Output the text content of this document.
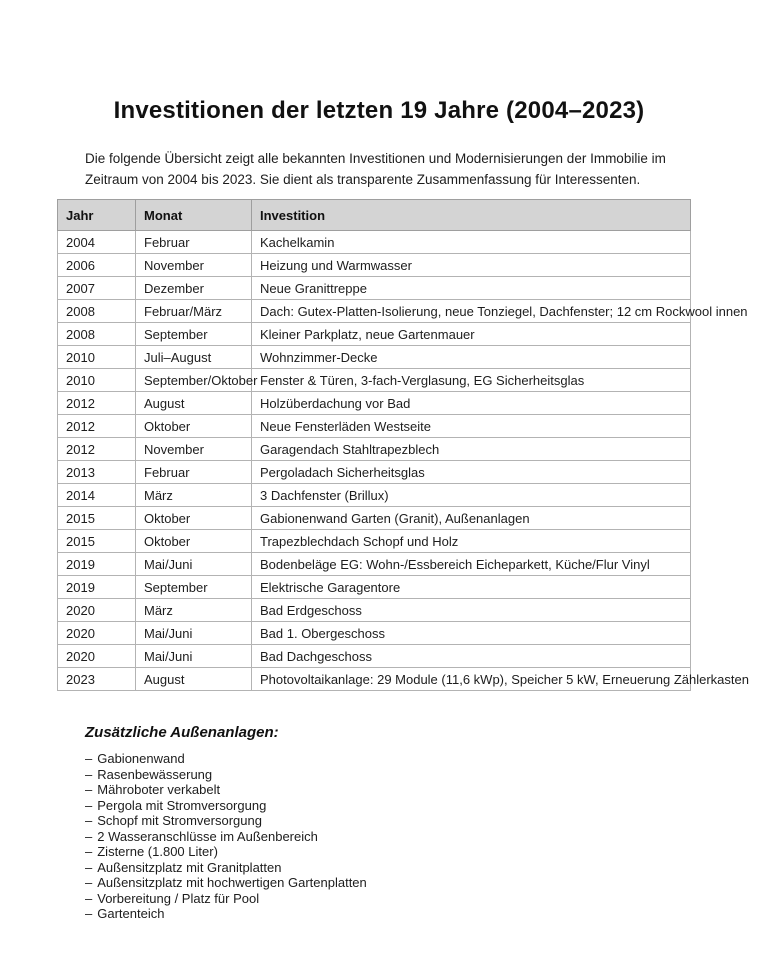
Investitionen der letzten 19 Jahre (2004–2023)

Die folgende Übersicht zeigt alle bekannten Investitionen und Modernisierungen der Immobilie im
Zeitraum von 2004 bis 2023. Sie dient als transparente Zusammenfassung für Interessenten.

Jahr	Monat	Investition
2004	Februar	Kachelkamin
2006	November	Heizung und Warmwasser
2007	Dezember	Neue Granittreppe
2008	Februar/März	Dach: Gutex-Platten-Isolierung, neue Tonziegel, Dachfenster; 12 cm Rockwool innen
2008	September	Kleiner Parkplatz, neue Gartenmauer
2010	Juli–August	Wohnzimmer-Decke
2010	September/Oktober	Fenster & Türen, 3-fach-Verglasung, EG Sicherheitsglas
2012	August	Holzüberdachung vor Bad
2012	Oktober	Neue Fensterläden Westseite
2012	November	Garagendach Stahltrapezblech
2013	Februar	Pergoladach Sicherheitsglas
2014	März	3 Dachfenster (Brillux)
2015	Oktober	Gabionenwand Garten (Granit), Außenanlagen
2015	Oktober	Trapezblechdach Schopf und Holz
2019	Mai/Juni	Bodenbeläge EG: Wohn-/Essbereich Eicheparkett, Küche/Flur Vinyl
2019	September	Elektrische Garagentore
2020	März	Bad Erdgeschoss
2020	Mai/Juni	Bad 1. Obergeschoss
2020	Mai/Juni	Bad Dachgeschoss
2023	August	Photovoltaikanlage: 29 Module (11,6 kWp), Speicher 5 kW, Erneuerung Zählerkasten
Zusätzliche Außenanlagen:
– Gabionenwand
– Rasenbewässerung
– Mähroboter verkabelt
– Pergola mit Stromversorgung
– Schopf mit Stromversorgung
– 2 Wasseranschlüsse im Außenbereich
– Zisterne (1.800 Liter)
– Außensitzplatz mit Granitplatten
– Außensitzplatz mit hochwertigen Gartenplatten
– Vorbereitung / Platz für Pool
– Gartenteich
